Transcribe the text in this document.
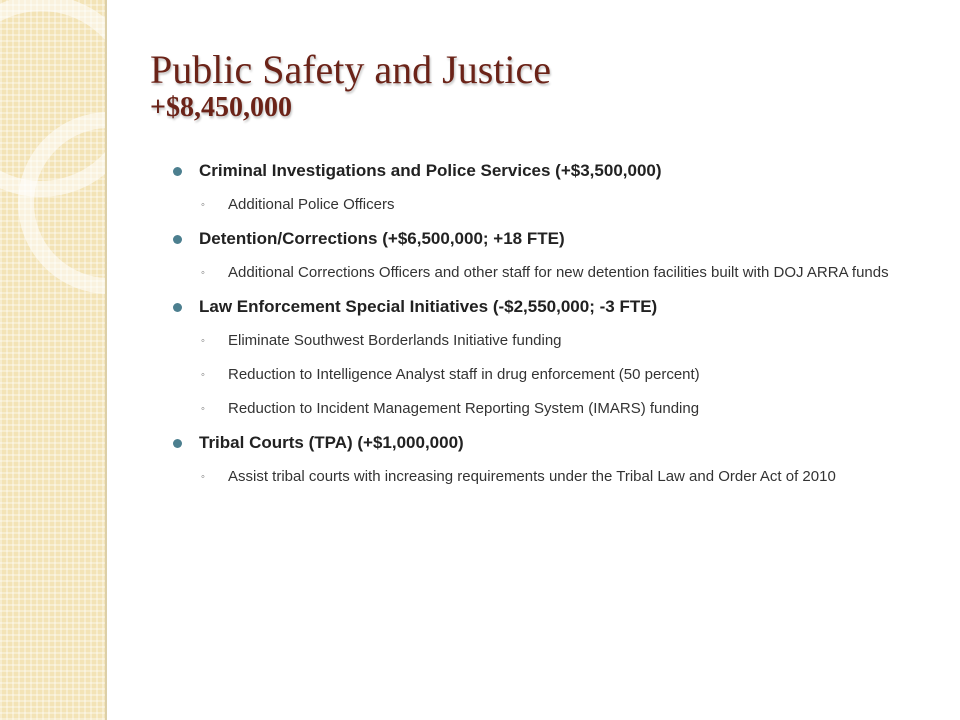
Public Safety and Justice
+$8,450,000
Criminal Investigations and Police Services (+$3,500,000)
◦ Additional Police Officers
Detention/Corrections (+$6,500,000; +18 FTE)
◦ Additional Corrections Officers and other staff for new detention facilities built with DOJ ARRA funds
Law Enforcement Special Initiatives (-$2,550,000; -3 FTE)
◦ Eliminate Southwest Borderlands Initiative funding
◦ Reduction to Intelligence Analyst staff in drug enforcement (50 percent)
◦ Reduction to Incident Management Reporting System (IMARS) funding
Tribal Courts (TPA) (+$1,000,000)
◦ Assist tribal courts with increasing requirements under the Tribal Law and Order Act of 2010
